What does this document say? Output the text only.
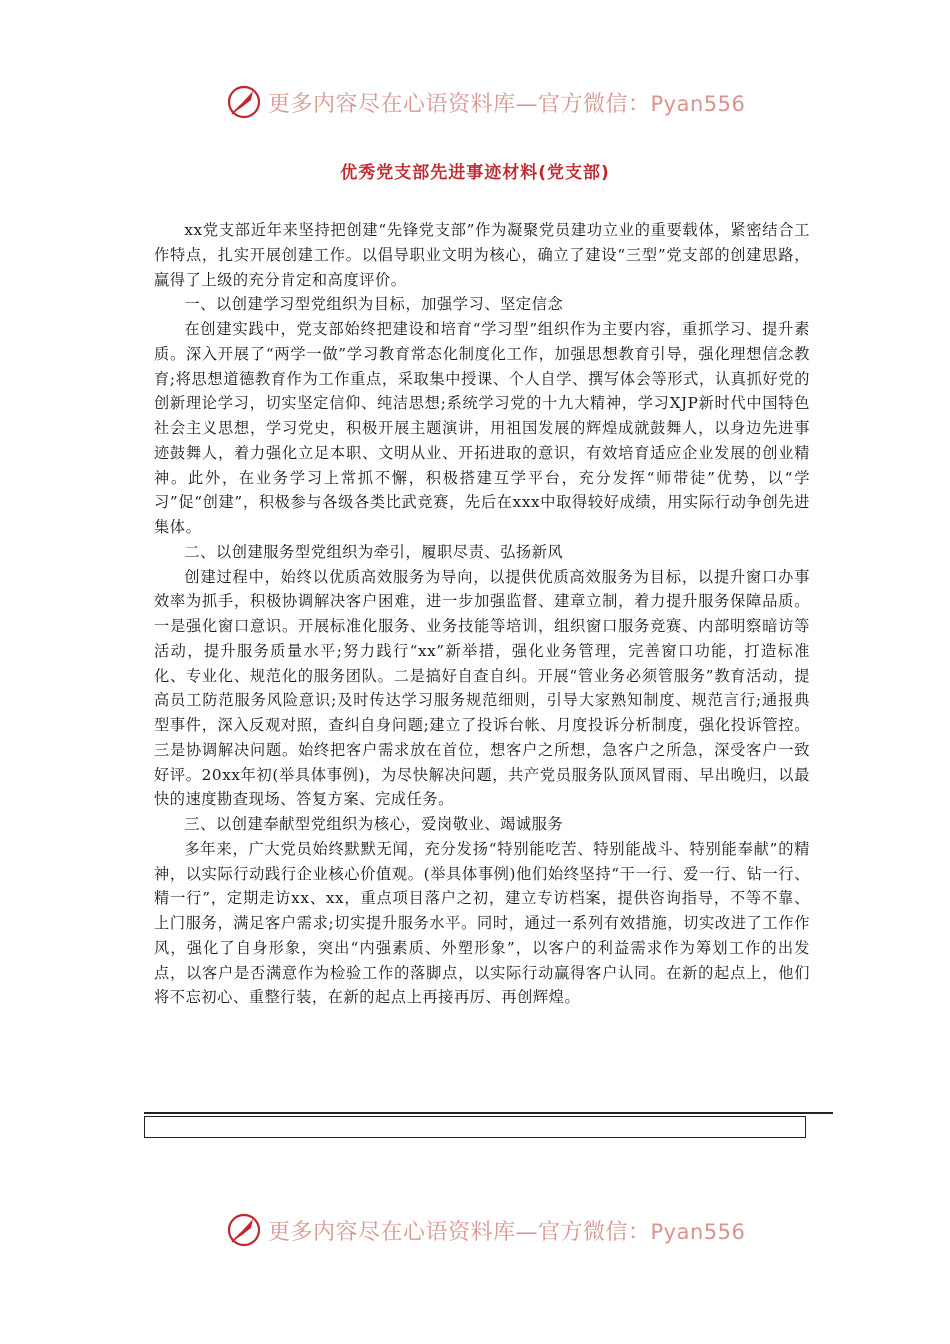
更多内容尽在心语资料库—官方微信：Pyan556
优秀党支部先进事迹材料(党支部)

xx党支部近年来坚持把创建“先锋党支部”作为凝聚党员建功立业的重要载体，紧密结合工作特点，扎实开展创建工作。以倡导职业文明为核心，确立了建设“三型”党支部的创建思路，赢得了上级的充分肯定和高度评价。

一、以创建学习型党组织为目标，加强学习、坚定信念

在创建实践中，党支部始终把建设和培育“学习型”组织作为主要内容，重抓学习、提升素质。深入开展了“两学一做”学习教育常态化制度化工作，加强思想教育引导，强化理想信念教育;将思想道德教育作为工作重点，采取集中授课、个人自学、撰写体会等形式，认真抓好党的创新理论学习，切实坚定信仰、纯洁思想;系统学习党的十九大精神，学习XJP新时代中国特色社会主义思想，学习党史，积极开展主题演讲，用祖国发展的辉煌成就鼓舞人，以身边先进事迹鼓舞人，着力强化立足本职、文明从业、开拓进取的意识，有效培育适应企业发展的创业精神。此外，在业务学习上常抓不懈，积极搭建互学平台，充分发挥“师带徒”优势，以“学习”促“创建”，积极参与各级各类比武竞赛，先后在xxx中取得较好成绩，用实际行动争创先进集体。

二、以创建服务型党组织为牵引，履职尽责、弘扬新风

创建过程中，始终以优质高效服务为导向，以提供优质高效服务为目标，以提升窗口办事效率为抓手，积极协调解决客户困难，进一步加强监督、建章立制，着力提升服务保障品质。一是强化窗口意识。开展标准化服务、业务技能等培训，组织窗口服务竞赛、内部明察暗访等活动，提升服务质量水平;努力践行“xx”新举措，强化业务管理，完善窗口功能，打造标准化、专业化、规范化的服务团队。二是搞好自查自纠。开展“管业务必须管服务”教育活动，提高员工防范服务风险意识;及时传达学习服务规范细则，引导大家熟知制度、规范言行;通报典型事件，深入反观对照，查纠自身问题;建立了投诉台帐、月度投诉分析制度，强化投诉管控。三是协调解决问题。始终把客户需求放在首位，想客户之所想，急客户之所急，深受客户一致好评。20xx年初(举具体事例)，为尽快解决问题，共产党员服务队顶风冒雨、早出晚归，以最快的速度勘查现场、答复方案、完成任务。

三、以创建奉献型党组织为核心，爱岗敬业、竭诚服务

多年来，广大党员始终默默无闻，充分发扬“特别能吃苦、特别能战斗、特别能奉献”的精神，以实际行动践行企业核心价值观。(举具体事例)他们始终坚持“干一行、爱一行、钻一行、精一行”，定期走访xx、xx，重点项目落户之初，建立专访档案，提供咨询指导，不等不靠、上门服务，满足客户需求;切实提升服务水平。同时，通过一系列有效措施，切实改进了工作作风，强化了自身形象，突出“内强素质、外塑形象”，以客户的利益需求作为筹划工作的出发点，以客户是否满意作为检验工作的落脚点，以实际行动赢得客户认同。在新的起点上，他们将不忘初心、重整行装，在新的起点上再接再厉、再创辉煌。

更多内容尽在心语资料库—官方微信：Pyan556
